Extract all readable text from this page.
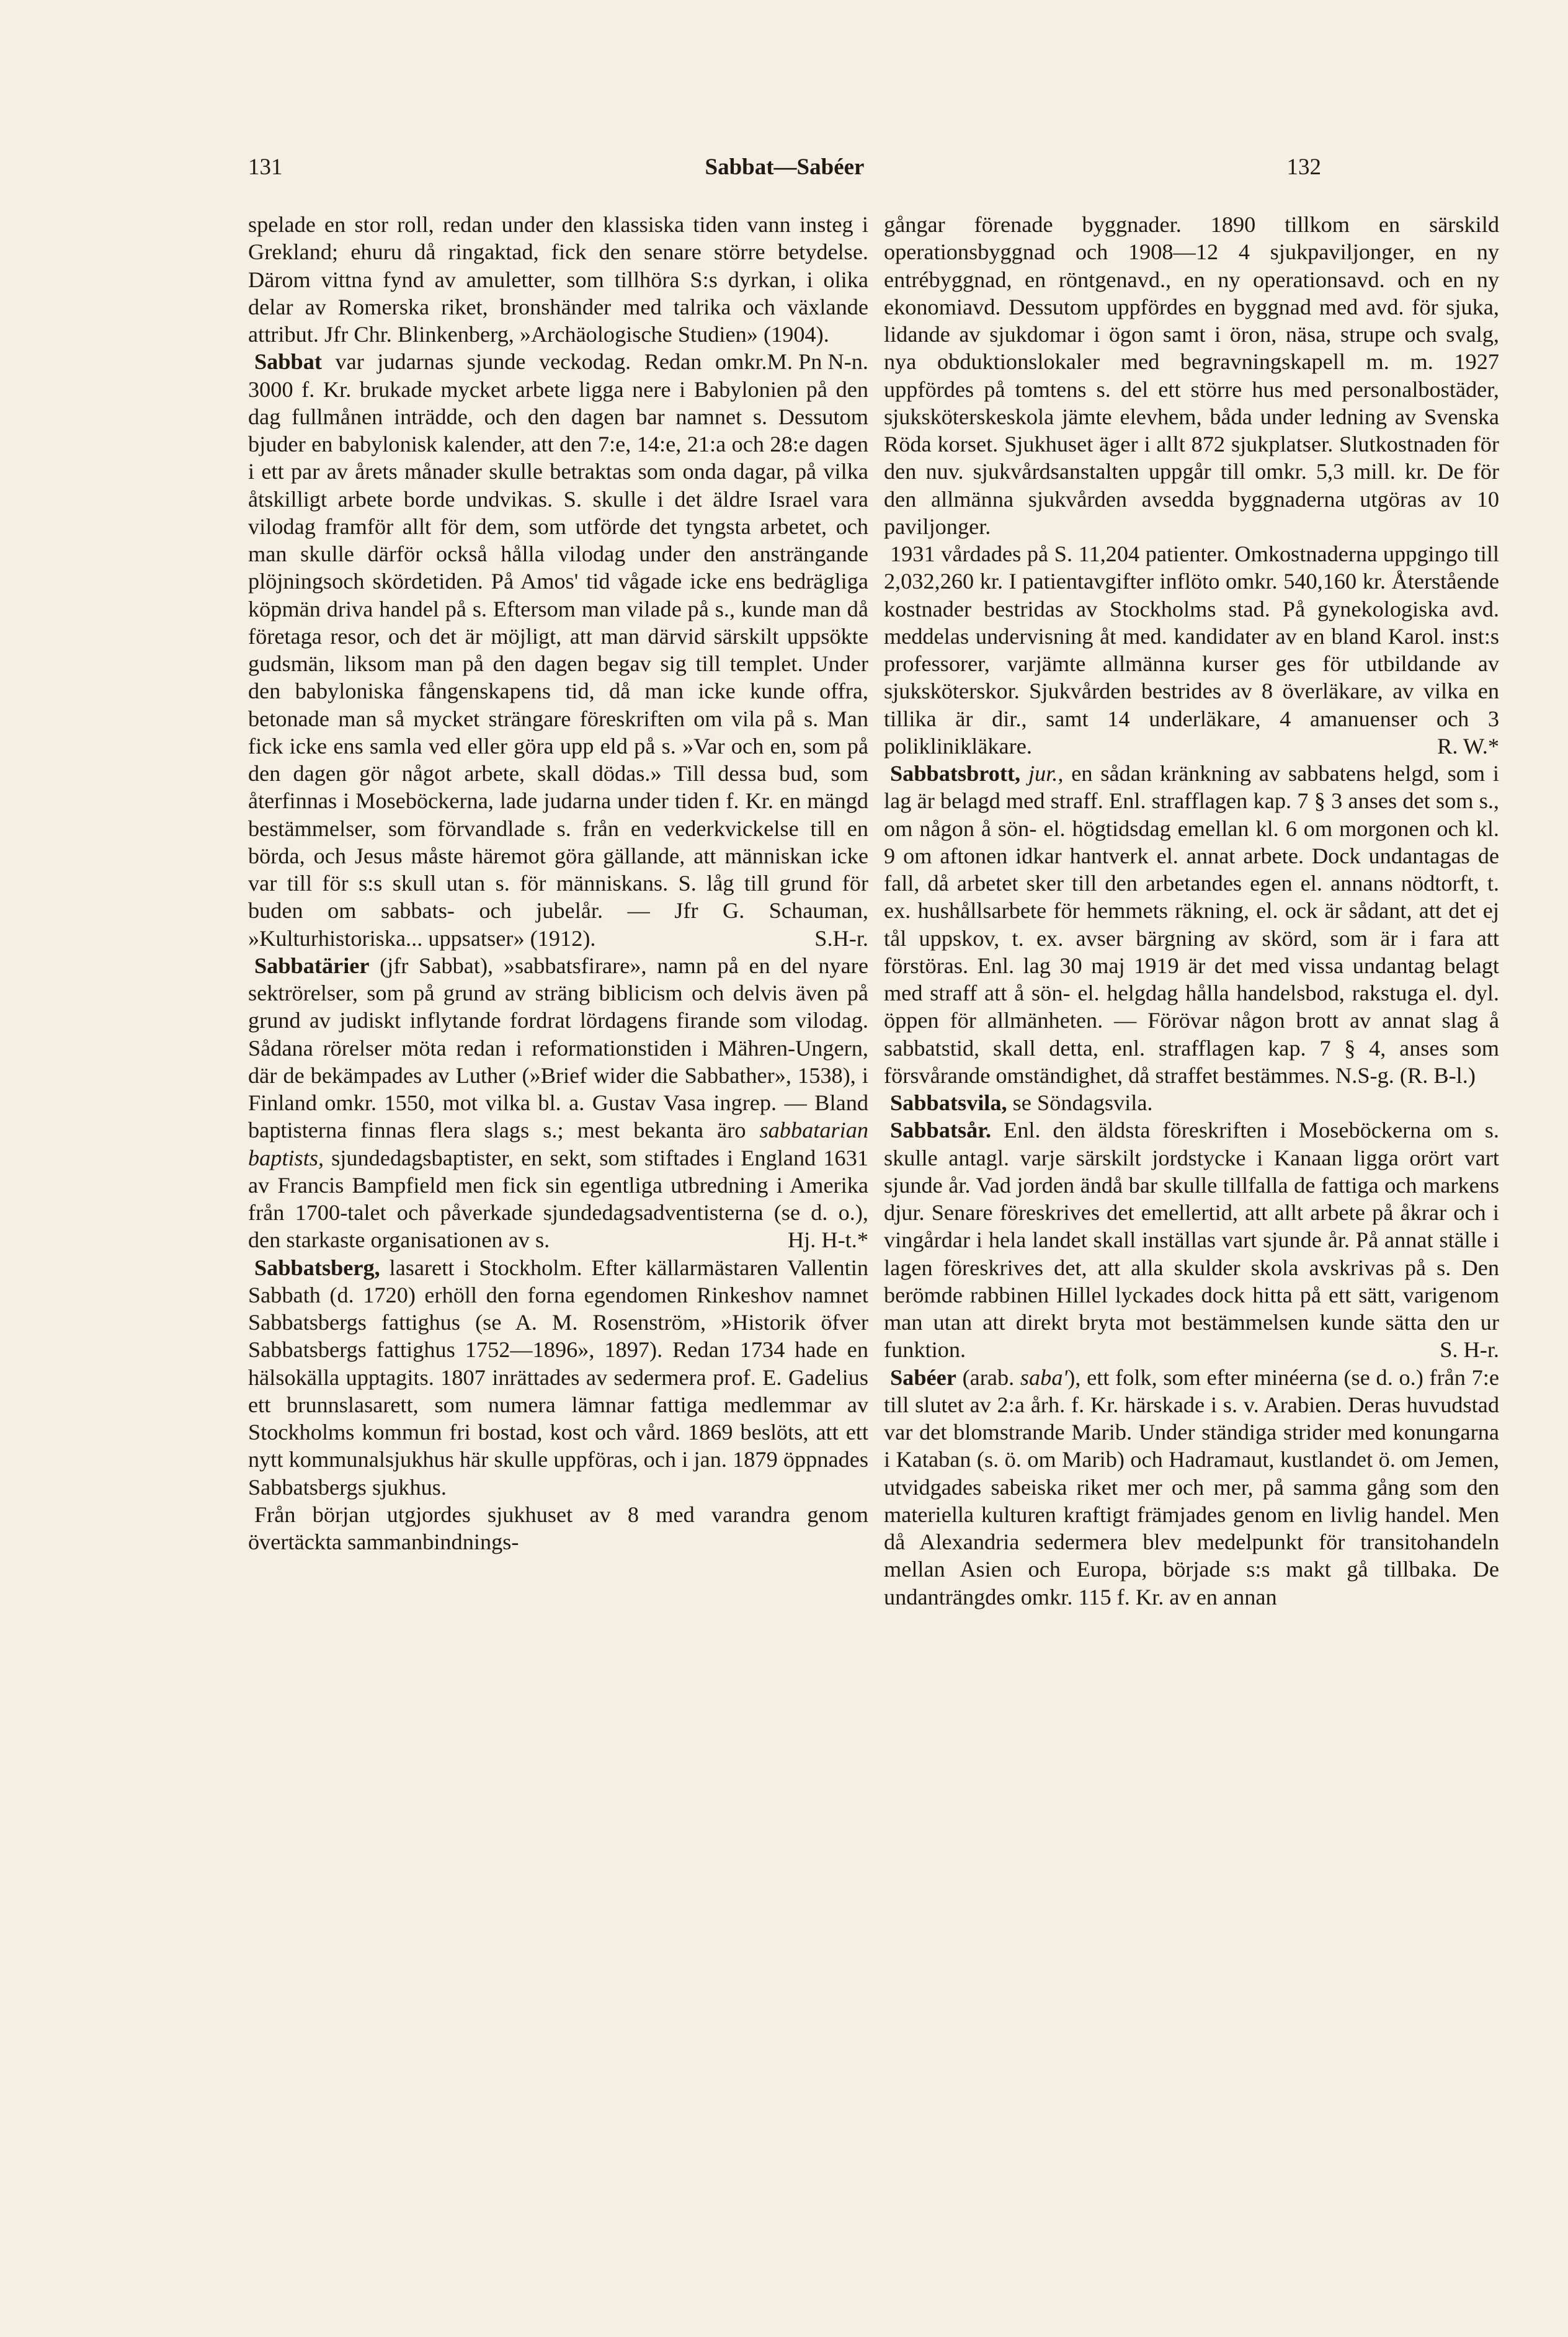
131	Sabbat—Sabéer	132

spelade en stor roll, redan under den klassiska tiden vann insteg i Grekland; ehuru då ringaktad, fick den senare större betydelse. Därom vittna fynd av amuletter, som tillhöra S:s dyrkan, i olika delar av Romerska riket, bronshänder med talrika och växlande attribut. Jfr Chr. Blinkenberg, »Archäologische Studien» (1904).
M. Pn N-n.

Sabbat var judarnas sjunde veckodag. Redan omkr. 3000 f. Kr. brukade mycket arbete ligga nere i Babylonien på den dag fullmånen inträdde, och den dagen bar namnet s. Dessutom bjuder en babylonisk kalender, att den 7:e, 14:e, 21:a och 28:e dagen i ett par av årets månader skulle betraktas som onda dagar, på vilka åtskilligt arbete borde undvikas. S. skulle i det äldre Israel vara vilodag framför allt för dem, som utförde det tyngsta arbetet, och man skulle därför också hålla vilodag under den ansträngande plöjningsoch skördetiden. På Amos' tid vågade icke ens bedrägliga köpmän driva handel på s. Eftersom man vilade på s., kunde man då företaga resor, och det är möjligt, att man därvid särskilt uppsökte gudsmän, liksom man på den dagen begav sig till templet. Under den babyloniska fångenskapens tid, då man icke kunde offra, betonade man så mycket strängare föreskriften om vila på s. Man fick icke ens samla ved eller göra upp eld på s. »Var och en, som på den dagen gör något arbete, skall dödas.» Till dessa bud, som återfinnas i Moseböckerna, lade judarna under tiden f. Kr. en mängd bestämmelser, som förvandlade s. från en vederkvickelse till en börda, och Jesus måste häremot göra gällande, att människan icke var till för s:s skull utan s. för människans. S. låg till grund för buden om sabbats- och jubelår. — Jfr G. Schauman, »Kulturhistoriska... uppsatser» (1912).	S.H-r.

Sabbatärier (jfr Sabbat), »sabbatsfirare», namn på en del nyare sektrörelser, som på grund av sträng biblicism och delvis även på grund av judiskt inflytande fordrat lördagens firande som vilodag. Sådana rörelser möta redan i reformationstiden i Mähren-Ungern, där de bekämpades av Luther (»Brief wider die Sabbather», 1538), i Finland omkr. 1550, mot vilka bl. a. Gustav Vasa ingrep. — Bland baptisterna finnas flera slags s.; mest bekanta äro sabbatarian baptists, sjundedagsbaptister, en sekt, som stiftades i England 1631 av Francis Bampfield men fick sin egentliga utbredning i Amerika från 1700-talet och påverkade sjundedagsadventisterna (se d. o.), den starkaste organisationen av s.	Hj. H-t.*

Sabbatsberg, lasarett i Stockholm. Efter källarmästaren Vallentin Sabbath (d. 1720) erhöll den forna egendomen Rinkeshov namnet Sabbatsbergs fattighus (se A. M. Rosenström, »Historik öfver Sabbatsbergs fattighus 1752—1896», 1897). Redan 1734 hade en hälsokälla upptagits. 1807 inrättades av sedermera prof. E. Gadelius ett brunnslasarett, som numera lämnar fattiga medlemmar av Stockholms kommun fri bostad, kost och vård. 1869 beslöts, att ett nytt kommunalsjukhus här skulle uppföras, och i jan. 1879 öppnades Sabbatsbergs sjukhus.

Från början utgjordes sjukhuset av 8 med varandra genom övertäckta sammanbindnings-

gångar förenade byggnader. 1890 tillkom en särskild operationsbyggnad och 1908—12 4 sjukpaviljonger, en ny entrébyggnad, en röntgenavd., en ny operationsavd. och en ny ekonomiavd. Dessutom uppfördes en byggnad med avd. för sjuka, lidande av sjukdomar i ögon samt i öron, näsa, strupe och svalg, nya obduktionslokaler med begravningskapell m. m. 1927 uppfördes på tomtens s. del ett större hus med personalbostäder, sjuksköterskeskola jämte elevhem, båda under ledning av Svenska Röda korset. Sjukhuset äger i allt 872 sjukplatser. Slutkostnaden för den nuv. sjukvårdsanstalten uppgår till omkr. 5,3 mill. kr. De för den allmänna sjukvården avsedda byggnaderna utgöras av 10 paviljonger.

1931 vårdades på S. 11,204 patienter. Omkostnaderna uppgingo till 2,032,260 kr. I patientavgifter inflöto omkr. 540,160 kr. Återstående kostnader bestridas av Stockholms stad. På gynekologiska avd. meddelas undervisning åt med. kandidater av en bland Karol. inst:s professorer, varjämte allmänna kurser ges för utbildande av sjuksköterskor. Sjukvården bestrides av 8 överläkare, av vilka en tillika är dir., samt 14 underläkare, 4 amanuenser och 3 poliklinikläkare.	R. W.*

Sabbatsbrott, jur., en sådan kränkning av sabbatens helgd, som i lag är belagd med straff. Enl. strafflagen kap. 7 § 3 anses det som s., om någon å sön- el. högtidsdag emellan kl. 6 om morgonen och kl. 9 om aftonen idkar hantverk el. annat arbete. Dock undantagas de fall, då arbetet sker till den arbetandes egen el. annans nödtorft, t. ex. hushållsarbete för hemmets räkning, el. ock är sådant, att det ej tål uppskov, t. ex. avser bärgning av skörd, som är i fara att förstöras. Enl. lag 30 maj 1919 är det med vissa undantag belagt med straff att å sön- el. helgdag hålla handelsbod, rakstuga el. dyl. öppen för allmänheten. — Förövar någon brott av annat slag å sabbatstid, skall detta, enl. strafflagen kap. 7 § 4, anses som försvårande omständighet, då straffet bestämmes. N.S-g. (R. B-l.)

Sabbatsvila, se Söndagsvila.

Sabbatsår. Enl. den äldsta föreskriften i Moseböckerna om s. skulle antagl. varje särskilt jordstycke i Kanaan ligga orört vart sjunde år. Vad jorden ändå bar skulle tillfalla de fattiga och markens djur. Senare föreskrives det emellertid, att allt arbete på åkrar och i vingårdar i hela landet skall inställas vart sjunde år. På annat ställe i lagen föreskrives det, att alla skulder skola avskrivas på s. Den berömde rabbinen Hillel lyckades dock hitta på ett sätt, varigenom man utan att direkt bryta mot bestämmelsen kunde sätta den ur funktion.	S. H-r.

Sabéer (arab. saba'), ett folk, som efter minéerna (se d. o.) från 7:e till slutet av 2:a årh. f. Kr. härskade i s. v. Arabien. Deras huvudstad var det blomstrande Marib. Under ständiga strider med konungarna i Kataban (s. ö. om Marib) och Hadramaut, kustlandet ö. om Jemen, utvidgades sabeiska riket mer och mer, på samma gång som den materiella kulturen kraftigt främjades genom en livlig handel. Men då Alexandria sedermera blev medelpunkt för transitohandeln mellan Asien och Europa, började s:s makt gå tillbaka. De undanträngdes omkr. 115 f. Kr. av en annan
